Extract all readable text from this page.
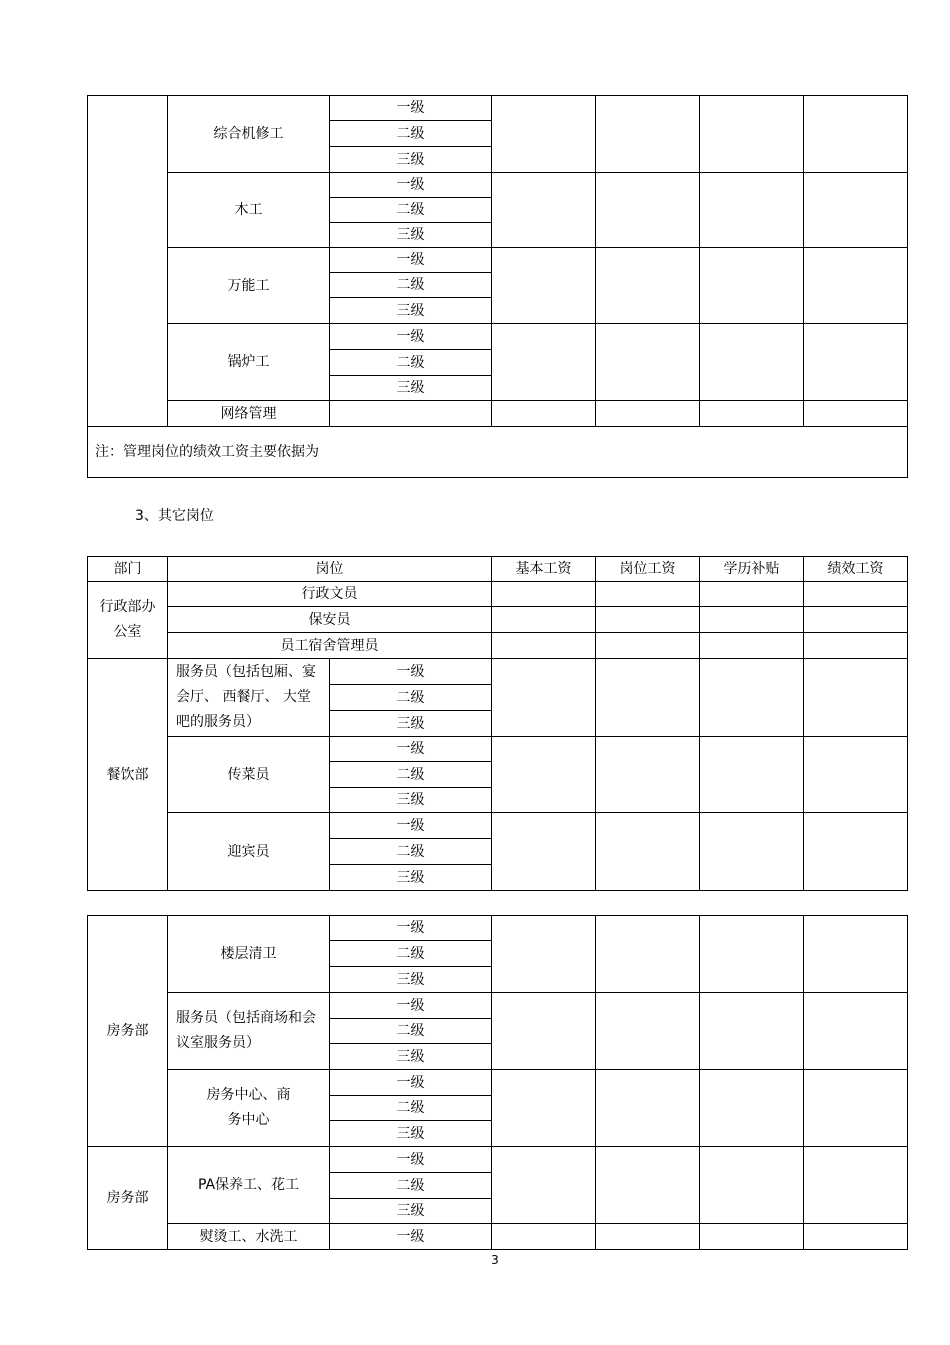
	综合机修工	一级				
		二级				
		三级				
	木工	一级				
		二级				
		三级				
	万能工	一级				
		二级				
		三级				
	锅炉工	一级				
		二级				
		三级				
	网络管理					
注：管理岗位的绩效工资主要依据为						
3、其它岗位
部门	岗位		基本工资	岗位工资	学历补贴	绩效工资
行政部办公室	行政文员					
	保安员					
	员工宿舍管理员					
餐饮部	服务员（包括包厢、宴会厅、 西餐厅、 大堂吧的服务员）	一级				
		二级				
		三级				
	传菜员	一级				
		二级				
		三级				
	迎宾员	一级				
		二级				
		三级				
房务部	楼层清卫	一级				
		二级				
		三级				
	服务员（包括商场和会议室服务员）	一级				
		二级				
		三级				
	房务中心、商务中心	一级				
		二级				
		三级				
房务部	PA保养工、花工	一级				
		二级				
		三级				
	熨烫工、水洗工	一级				
3
